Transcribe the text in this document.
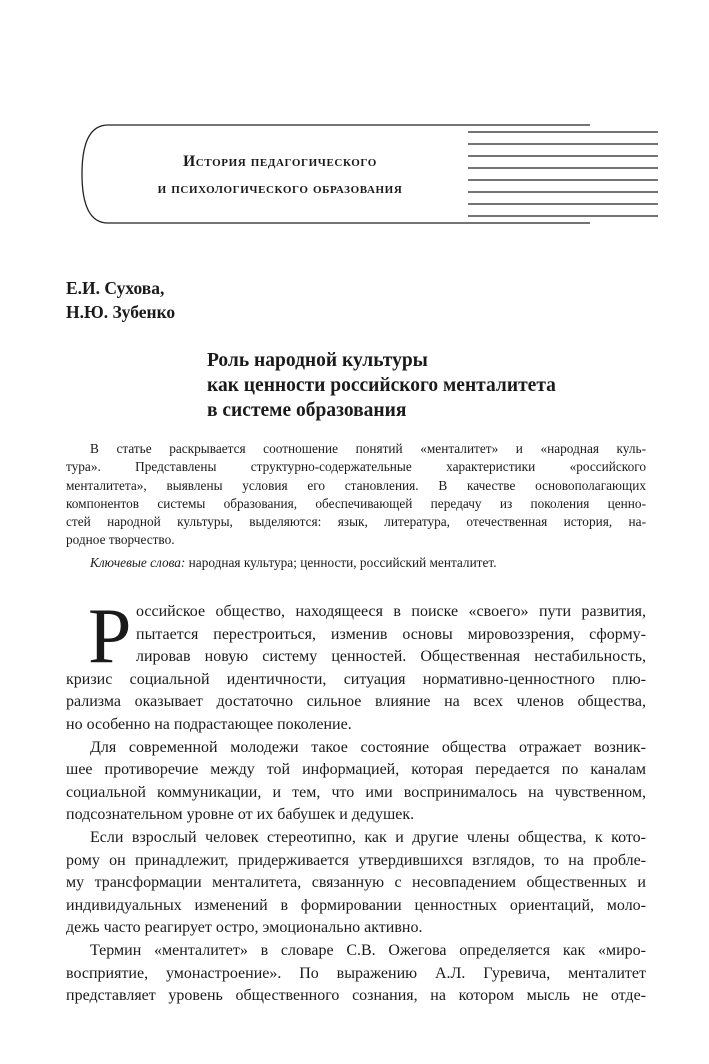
История педагогического
и психологического образования
Е.И. Сухова,
Н.Ю. Зубенко
Роль народной культуры
как ценности российского менталитета
в системе образования
В статье раскрывается соотношение понятий «менталитет» и «народная куль-
тура». Представлены структурно-содержательные характеристики «российского
менталитета», выявлены условия его становления. В качестве основополагающих
компонентов системы образования, обеспечивающей передачу из поколения ценно-
стей народной культуры, выделяются: язык, литература, отечественная история, на-
родное творчество.
Ключевые слова: народная культура; ценности, российский менталитет.
Р оссийское общество, находящееся в поиске «своего» пути развития,
пытается перестроиться, изменив основы мировоззрения, сформу-
лировав новую систему ценностей. Общественная нестабильность,
кризис социальной идентичности, ситуация нормативно-ценностного плю-
рализма оказывает достаточно сильное влияние на всех членов общества,
но особенно на подрастающее поколение.
Для современной молодежи такое состояние общества отражает возник-
шее противоречие между той информацией, которая передается по каналам
социальной коммуникации, и тем, что ими воспринималось на чувственном,
подсознательном уровне от их бабушек и дедушек.
Если взрослый человек стереотипно, как и другие члены общества, к кото-
рому он принадлежит, придерживается утвердившихся взглядов, то на пробле-
му трансформации менталитета, связанную с несовпадением общественных и
индивидуальных изменений в формировании ценностных ориентаций, моло-
дежь часто реагирует остро, эмоционально активно.
Термин «менталитет» в словаре С.В. Ожегова определяется как «миро-
восприятие, умонастроение». По выражению А.Л. Гуревича, менталитет
представляет уровень общественного сознания, на котором мысль не отде-
